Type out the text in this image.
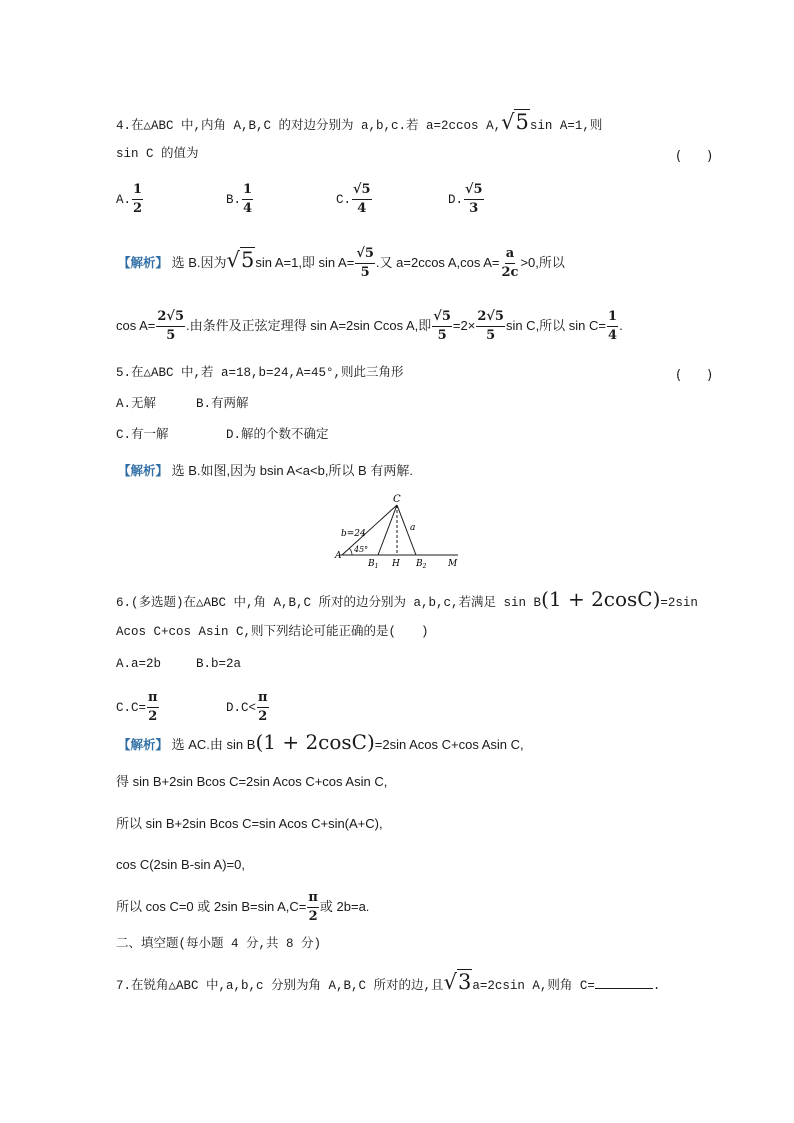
4.在△ABC 中,内角 A,B,C 的对边分别为 a,b,c.若 a=2ccos A,√5sin A=1,则
sin C 的值为	(　　)
A. $\frac{1}{2}$	B. $\frac{1}{4}$	C. $\frac{√5}{4}$	D. $\frac{√5}{3}$
【解析】 选 B.因为√5sin A=1,即 $\sin A= \frac{√5}{5}$ .又 a=2ccos A,cos $A= \frac{a}{2c} >0$,所以
$\cos A= \frac{2√5}{5}$ .由条件及正弦定理得 sin A=2sin Ccos A,即 $\frac{√5}{5} =2\times \frac{2√5}{5}$ sin C,所以 $\sin C= \frac{1}{4}$ .
5.在△ABC 中,若 a=18,b=24,A=45°,则此三角形	(　　)
A.无解	B.有两解
C.有一解	D.解的个数不确定
【解析】 选 B.如图,因为 bsin A<a<b,所以 B 有两解.
C
a
b=24
A
45°
$B_1$ H $B_2$ M
6.(多选题)在△ABC 中,角 A,B,C 所对的边分别为 a,b,c,若满足 sin B(1 + 2cosC)=2sin
Acos C+cos Asin C,则下列结论可能正确的是(　　)
A.a=2b	B.b=2a
$C.C= \frac{\pi}{2}$	$D.C< \frac{\pi}{2}$
【解析】 选 AC.由 sin B(1 + 2cosC)=2sin Acos C+cos Asin C,
得 sin B+2sin Bcos C=2sin Acos C+cos Asin C,
所以 sin B+2sin Bcos C=sin Acos C+sin(A+C),
cos C(2sin B-sin A)=0,
所以 cos C=0 或 2sin B=sin $A,C= \frac{\pi}{2}$ 或 2b=a.
二、填空题(每小题 4 分,共 8 分)
7.在锐角△ABC 中,a,b,c 分别为角 A,B,C 所对的边,且√3a=2csin A,则角 C=	.
